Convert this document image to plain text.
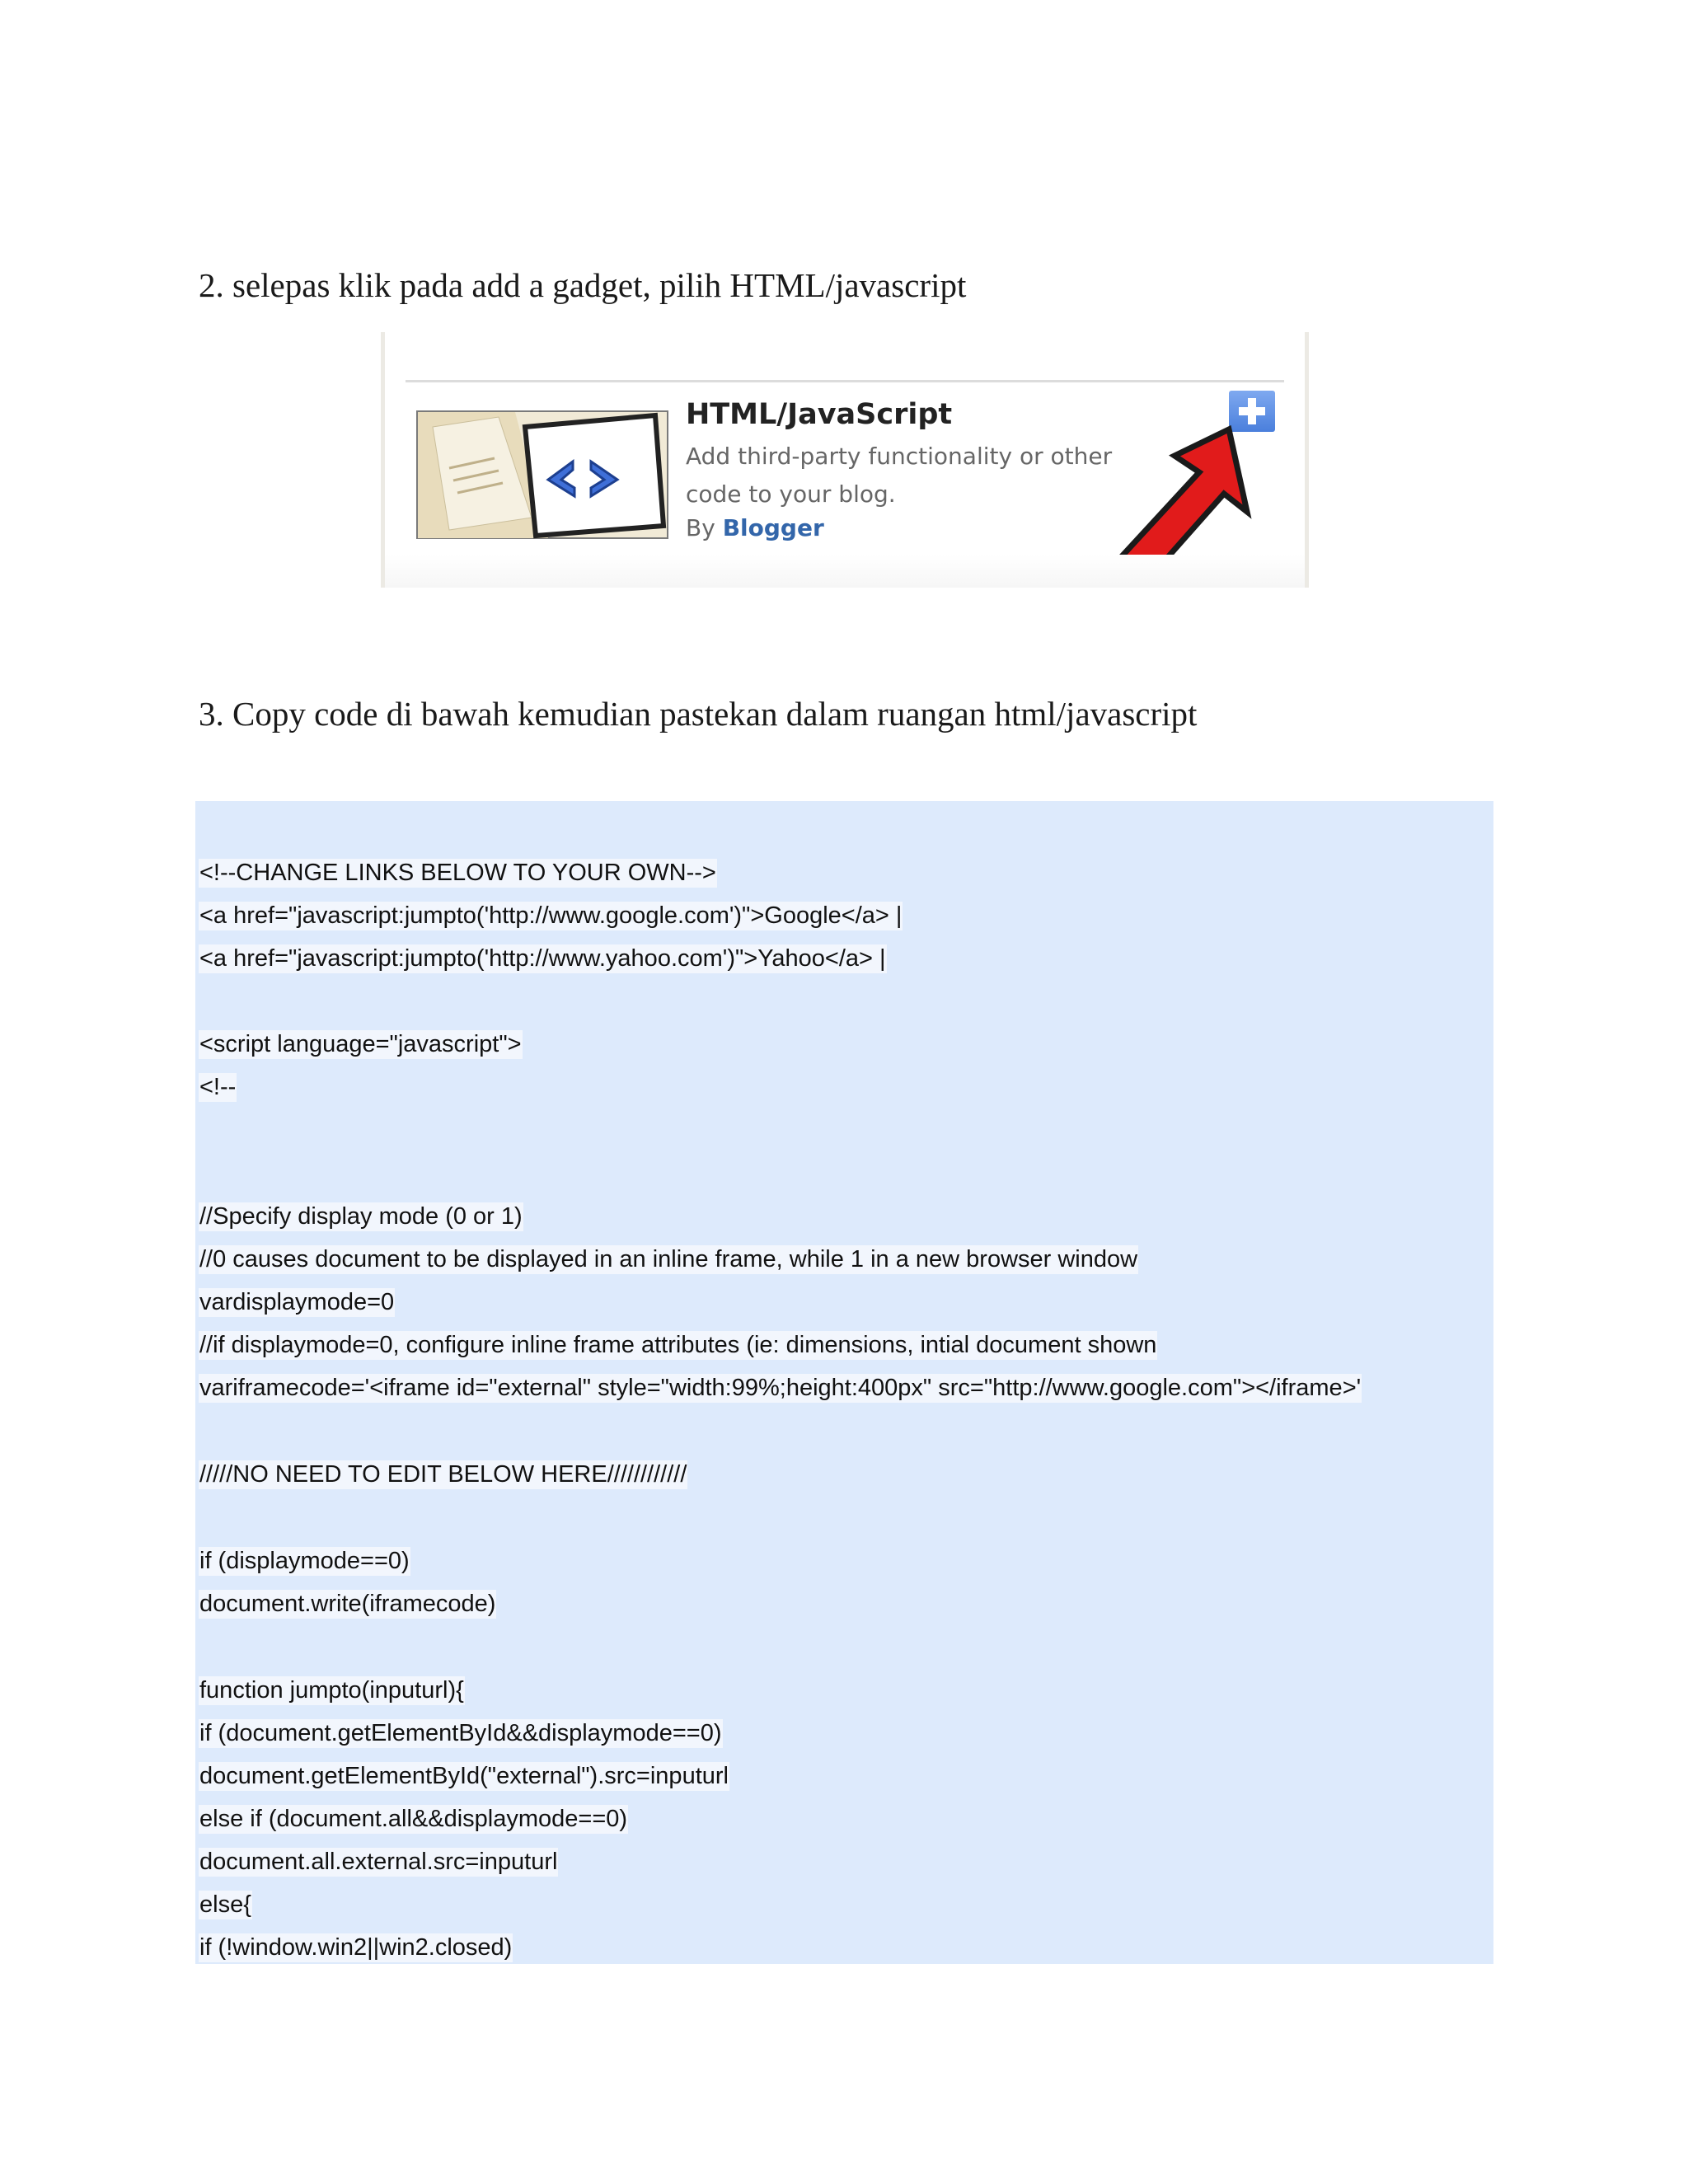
2. selepas klik pada add a gadget, pilih HTML/javascript
HTML/JavaScript
Add third-party functionality or other code to your blog.
By Blogger
3. Copy code di bawah kemudian pastekan dalam ruangan html/javascript
<!--CHANGE LINKS BELOW TO YOUR OWN-->
<a href="javascript:jumpto('http://www.google.com')">Google</a> |
<a href="javascript:jumpto('http://www.yahoo.com')">Yahoo</a> |
<script language="javascript">
<!--
//Specify display mode (0 or 1)
//0 causes document to be displayed in an inline frame, while 1 in a new browser window
vardisplaymode=0
//if displaymode=0, configure inline frame attributes (ie: dimensions, intial document shown
variframecode='<iframe id="external" style="width:99%;height:400px" src="http://www.google.com"></iframe>'
/////NO NEED TO EDIT BELOW HERE////////////
if (displaymode==0)
document.write(iframecode)
function jumpto(inputurl){
if (document.getElementById&&displaymode==0)
document.getElementById("external").src=inputurl
else if (document.all&&displaymode==0)
document.all.external.src=inputurl
else{
if (!window.win2||win2.closed)
